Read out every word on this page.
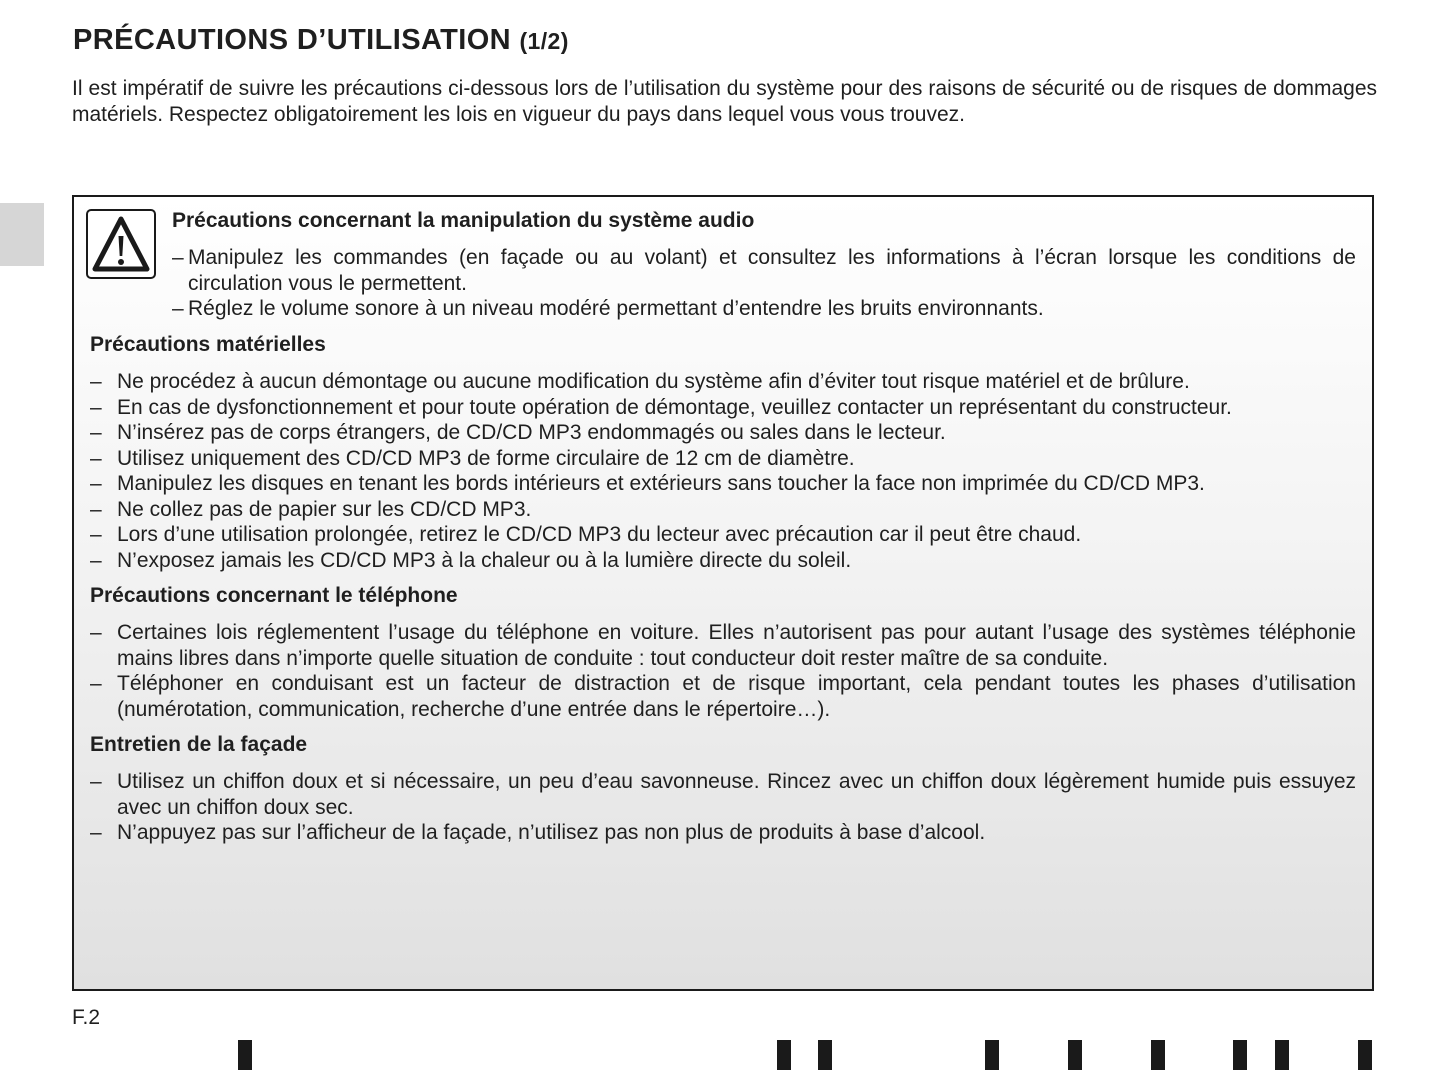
PRÉCAUTIONS D’UTILISATION (1/2)

Il est impératif de suivre les précautions ci-dessous lors de l’utilisation du système pour des raisons de sécurité ou de risques de dommages matériels. Respectez obligatoirement les lois en vigueur du pays dans lequel vous vous trouvez.

Précautions concernant la manipulation du système audio
– Manipulez les commandes (en façade ou au volant) et consultez les informations à l’écran lorsque les conditions de circulation vous le permettent.
– Réglez le volume sonore à un niveau modéré permettant d’entendre les bruits environnants.
Précautions matérielles
– Ne procédez à aucun démontage ou aucune modification du système afin d’éviter tout risque matériel et de brûlure.
– En cas de dysfonctionnement et pour toute opération de démontage, veuillez contacter un représentant du constructeur.
– N’insérez pas de corps étrangers, de CD/CD MP3 endommagés ou sales dans le lecteur.
– Utilisez uniquement des CD/CD MP3 de forme circulaire de 12 cm de diamètre.
– Manipulez les disques en tenant les bords intérieurs et extérieurs sans toucher la face non imprimée du CD/CD MP3.
– Ne collez pas de papier sur les CD/CD MP3.
– Lors d’une utilisation prolongée, retirez le CD/CD MP3 du lecteur avec précaution car il peut être chaud.
– N’exposez jamais les CD/CD MP3 à la chaleur ou à la lumière directe du soleil.
Précautions concernant le téléphone
– Certaines lois réglementent l’usage du téléphone en voiture. Elles n’autorisent pas pour autant l’usage des systèmes téléphonie mains libres dans n’importe quelle situation de conduite : tout conducteur doit rester maître de sa conduite.
– Téléphoner en conduisant est un facteur de distraction et de risque important, cela pendant toutes les phases d’utilisation (numérotation, communication, recherche d’une entrée dans le répertoire…).
Entretien de la façade
– Utilisez un chiffon doux et si nécessaire, un peu d’eau savonneuse. Rincez avec un chiffon doux légèrement humide puis essuyez avec un chiffon doux sec.
– N’appuyez pas sur l’afficheur de la façade, n’utilisez pas non plus de produits à base d’alcool.
F.2
